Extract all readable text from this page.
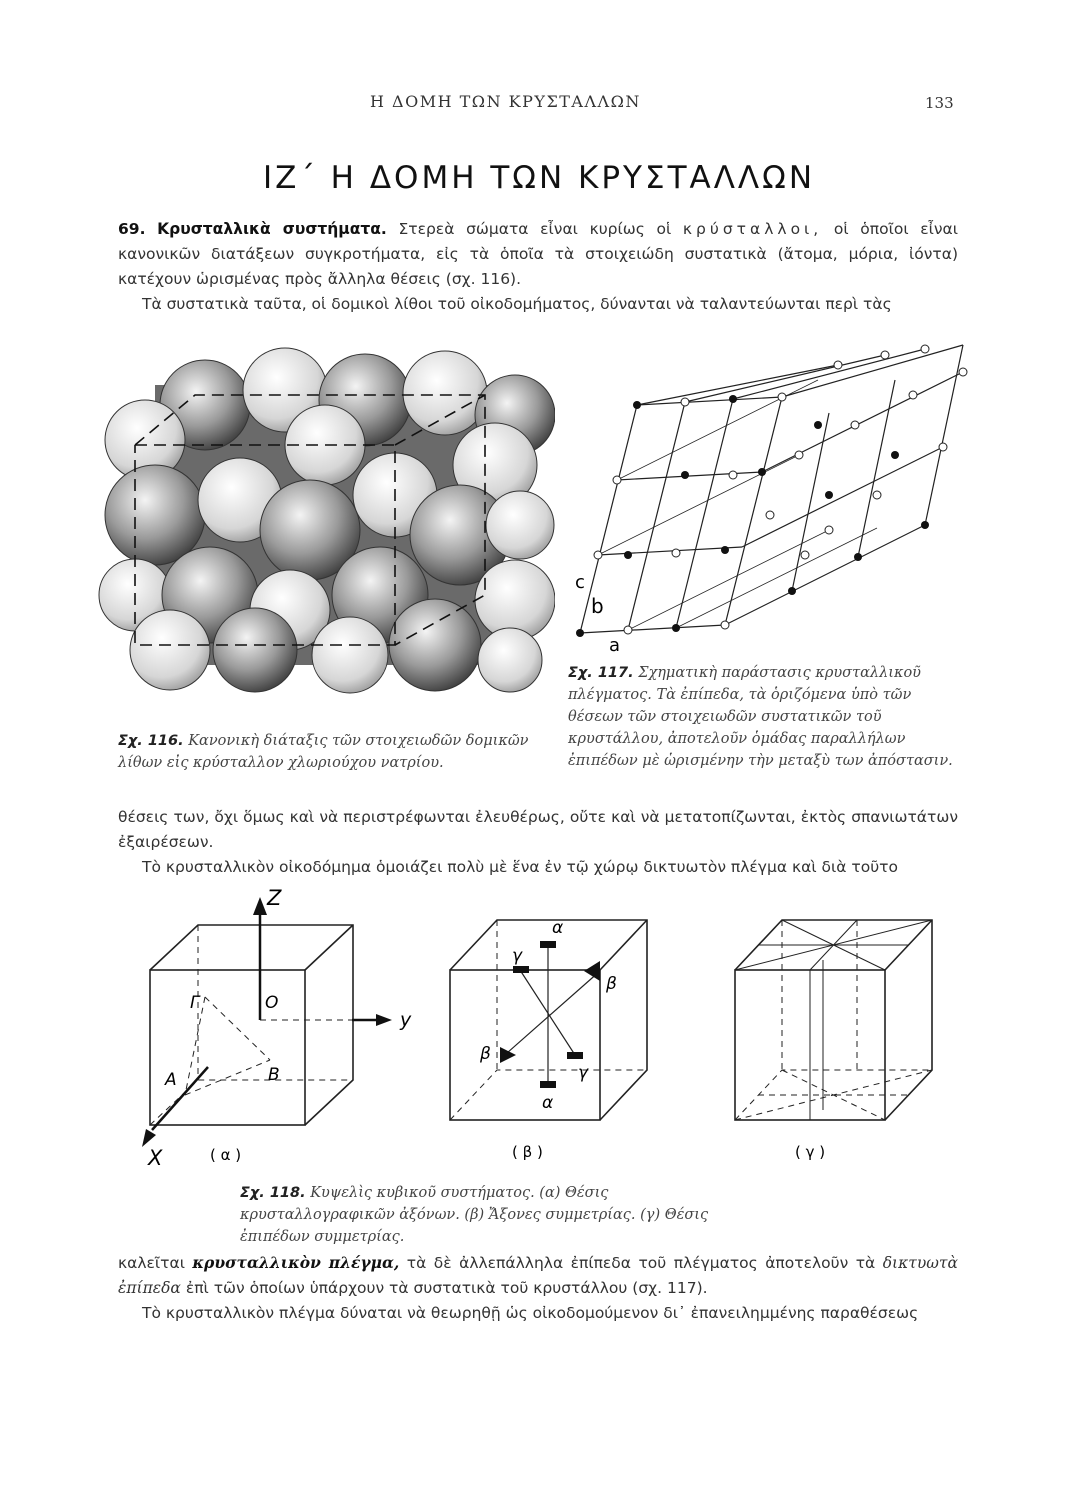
Η ΔΟΜΗ ΤΩΝ ΚΡΥΣΤΑΛΛΩΝ	133
ΙΖ΄ Η ΔΟΜΗ ΤΩΝ ΚΡΥΣΤΑΛΛΩΝ

69. Κρυσταλλικὰ συστήματα. Στερεὰ σώματα εἶναι κυρίως οἱ κρύσταλλοι, οἱ ὁποῖοι εἶναι κανονικῶν διατάξεων συγκροτήματα, εἰς τὰ ὁποῖα τὰ στοιχειώδη συστατικὰ (ἄτομα, μόρια, ἰόντα) κατέχουν ὡρισμένας πρὸς ἄλληλα θέσεις (σχ. 116).

Τὰ συστατικὰ ταῦτα, οἱ δομικοὶ λίθοι τοῦ οἰκοδομήματος, δύνανται νὰ ταλαντεύωνται περὶ τὰς

c
b
a
Σχ. 117. Σχηματικὴ παράστασις κρυσταλλικοῦ πλέγματος. Τὰ ἐπίπεδα, τὰ ὁριζόμενα ὑπὸ τῶν θέσεων τῶν στοιχειωδῶν συστατικῶν τοῦ κρυστάλλου, ἀποτελοῦν ὁμάδας παραλλήλων ἐπιπέδων μὲ ὡρισμένην τὴν μεταξὺ των ἀπόστασιν.
Σχ. 116. Κανονικὴ διάταξις τῶν στοιχειωδῶν δομικῶν λίθων εἰς κρύσταλλον χλωριούχου νατρίου.

θέσεις των, ὄχι ὅμως καὶ νὰ περιστρέφωνται ἐλευθέρως, οὔτε καὶ νὰ μετατοπίζωνται, ἐκτὸς σπανιωτάτων ἐξαιρέσεων.

Τὸ κρυσταλλικὸν οἰκοδόμημα ὁμοιάζει πολὺ μὲ ἕνα ἐν τῷ χώρῳ δικτυωτὸν πλέγμα καὶ διὰ τοῦτο

Z
y
X
O
Γ
A	B
( α )
α
α
β
β
γ
γ
( β )	( γ )
Σχ. 118. Κυψελὶς κυβικοῦ συστήματος. (α) Θέσις κρυσταλλογραφικῶν ἀξόνων. (β) Ἄξονες συμμετρίας. (γ) Θέσις ἐπιπέδων συμμετρίας.

καλεῖται κρυσταλλικὸν πλέγμα, τὰ δὲ ἀλλεπάλληλα ἐπίπεδα τοῦ πλέγματος ἀποτελοῦν τὰ δικτυωτὰ ἐπίπεδα ἐπὶ τῶν ὁποίων ὑπάρχουν τὰ συστατικὰ τοῦ κρυστάλλου (σχ. 117).

Τὸ κρυσταλλικὸν πλέγμα δύναται νὰ θεωρηθῇ ὡς οἰκοδομούμενον δι᾽ ἐπανειλημμένης παραθέσεως
